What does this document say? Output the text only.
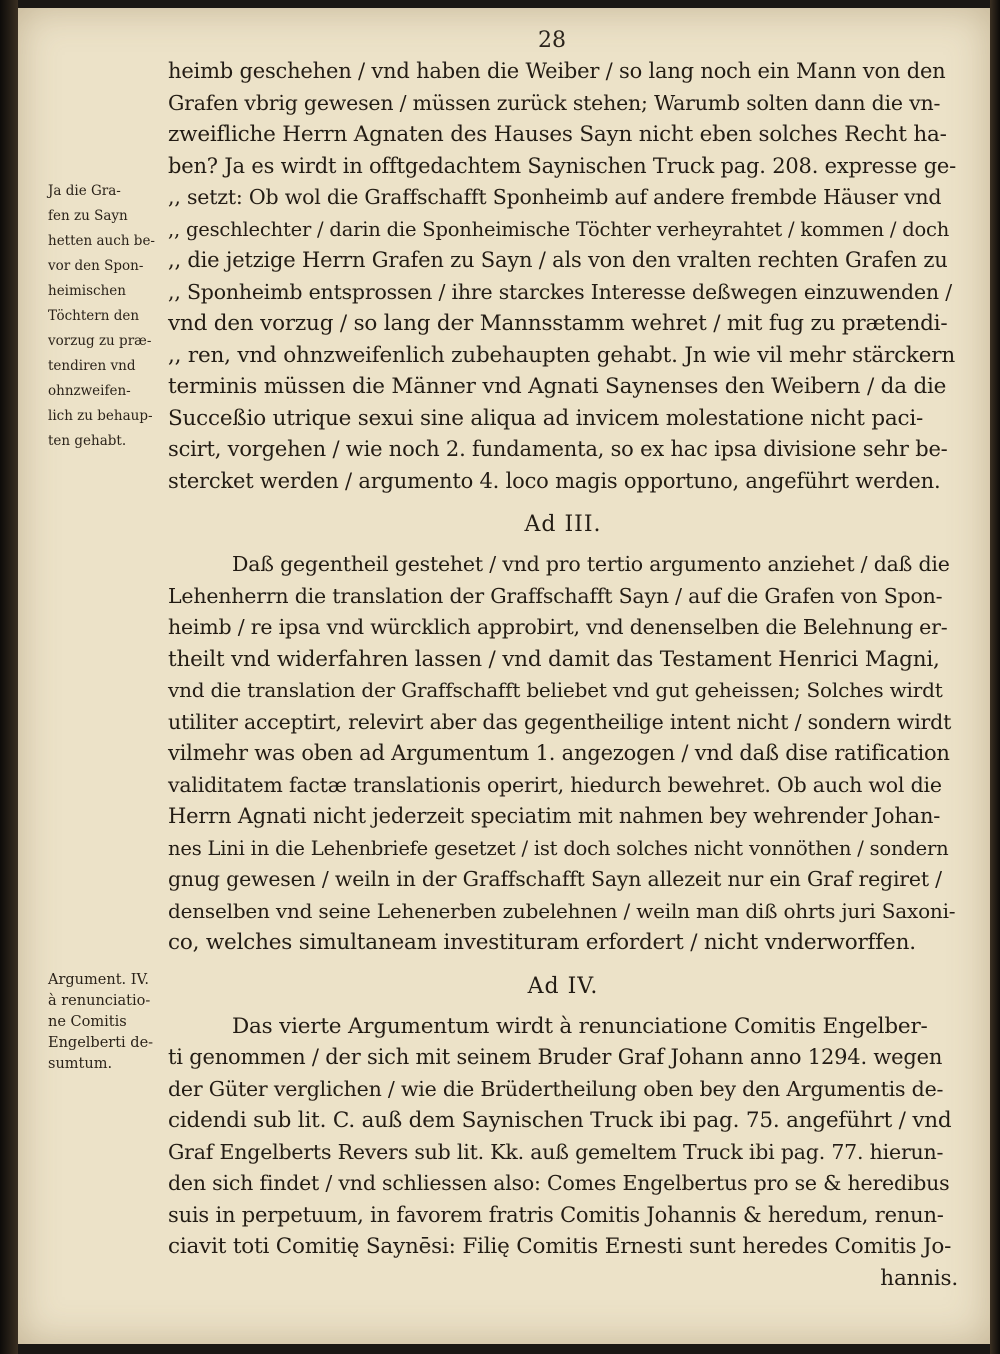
28
Ja die Gra-
fen zu Sayn
hetten auch be-
vor den Spon-
heimischen
Töchtern den
vorzug zu præ-
tendiren vnd
ohnzweifen-
lich zu behaup-
ten gehabt.
Argument. IV.
à renunciatio-
ne Comitis
Engelberti de-
sumtum.
heimb geschehen / vnd haben die Weiber / so lang noch ein Mann von den
Grafen vbrig gewesen / müssen zurück stehen; Warumb solten dann die vn-
zweifliche Herrn Agnaten des Hauses Sayn nicht eben solches Recht ha-
ben? Ja es wirdt in offtgedachtem Saynischen Truck pag. 208. expresse ge-
,, setzt: Ob wol die Graffschafft Sponheimb auf andere frembde Häuser vnd
,, geschlechter / darin die Sponheimische Töchter verheyrahtet / kommen / doch
,, die jetzige Herrn Grafen zu Sayn / als von den vralten rechten Grafen zu
,, Sponheimb entsprossen / ihre starckes Interesse deßwegen einzuwenden /
vnd den vorzug / so lang der Mannsstamm wehret / mit fug zu prætendi-
,, ren, vnd ohnzweifenlich zubehaupten gehabt. Jn wie vil mehr stärckern
terminis müssen die Männer vnd Agnati Saynenses den Weibern / da die
Succeßio utrique sexui sine aliqua ad invicem molestatione nicht paci-
scirt, vorgehen / wie noch 2. fundamenta, so ex hac ipsa divisione sehr be-
stercket werden / argumento 4. loco magis opportuno, angeführt werden.
Ad III.
Daß gegentheil gestehet / vnd pro tertio argumento anziehet / daß die
Lehenherrn die translation der Graffschafft Sayn / auf die Grafen von Spon-
heimb / re ipsa vnd würcklich approbirt, vnd denenselben die Belehnung er-
theilt vnd widerfahren lassen / vnd damit das Testament Henrici Magni,
vnd die translation der Graffschafft beliebet vnd gut geheissen; Solches wirdt
utiliter acceptirt, relevirt aber das gegentheilige intent nicht / sondern wirdt
vilmehr was oben ad Argumentum 1. angezogen / vnd daß dise ratification
validitatem factæ translationis operirt, hiedurch bewehret. Ob auch wol die
Herrn Agnati nicht jederzeit speciatim mit nahmen bey wehrender Johan-
nes Lini in die Lehenbriefe gesetzet / ist doch solches nicht vonnöthen / sondern
gnug gewesen / weiln in der Graffschafft Sayn allezeit nur ein Graf regiret /
denselben vnd seine Lehenerben zubelehnen / weiln man diß ohrts juri Saxoni-
co, welches simultaneam investituram erfordert / nicht vnderworffen.
Ad IV.
Das vierte Argumentum wirdt à renunciatione Comitis Engelber-
ti genommen / der sich mit seinem Bruder Graf Johann anno 1294. wegen
der Güter verglichen / wie die Brüdertheilung oben bey den Argumentis de-
cidendi sub lit. C. auß dem Saynischen Truck ibi pag. 75. angeführt / vnd
Graf Engelberts Revers sub lit. Kk. auß gemeltem Truck ibi pag. 77. hierun-
den sich findet / vnd schliessen also: Comes Engelbertus pro se & heredibus
suis in perpetuum, in favorem fratris Comitis Johannis & heredum, renun-
ciavit toti Comitię Saynēsi: Filię Comitis Ernesti sunt heredes Comitis Jo-
hannis.
